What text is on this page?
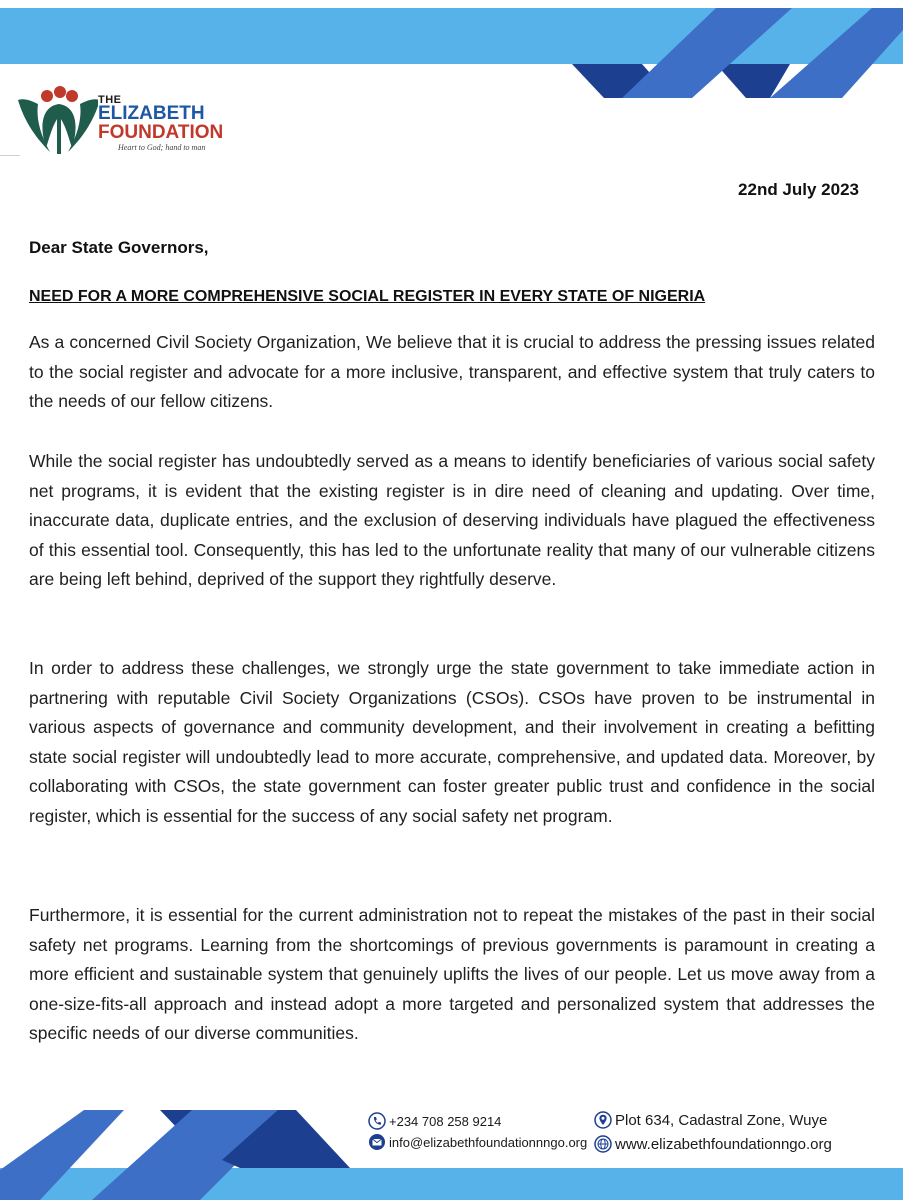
THE
ELIZABETH
FOUNDATION
Heart to God; hand to man
22nd July 2023
Dear State Governors,
NEED FOR A MORE COMPREHENSIVE SOCIAL REGISTER IN EVERY STATE OF NIGERIA

As a concerned Civil Society Organization, We believe that it is crucial to address the pressing issues related to the social register and advocate for a more inclusive, transparent, and effective system that truly caters to the needs of our fellow citizens.

While the social register has undoubtedly served as a means to identify beneficiaries of various social safety net programs, it is evident that the existing register is in dire need of cleaning and updating. Over time, inaccurate data, duplicate entries, and the exclusion of deserving individuals have plagued the effectiveness of this essential tool. Consequently, this has led to the unfortunate reality that many of our vulnerable citizens are being left behind, deprived of the support they rightfully deserve.

In order to address these challenges, we strongly urge the state government to take immediate action in partnering with reputable Civil Society Organizations (CSOs). CSOs have proven to be instrumental in various aspects of governance and community development, and their involvement in creating a befitting state social register will undoubtedly lead to more accurate, comprehensive, and updated data. Moreover, by collaborating with CSOs, the state government can foster greater public trust and confidence in the social register, which is essential for the success of any social safety net program.

Furthermore, it is essential for the current administration not to repeat the mistakes of the past in their social safety net programs. Learning from the shortcomings of previous governments is paramount in creating a more efficient and sustainable system that genuinely uplifts the lives of our people. Let us move away from a one-size-fits-all approach and instead adopt a more targeted and personalized system that addresses the specific needs of our diverse communities.

+234 708 258 9214
info@elizabethfoundationnngo.org
Plot 634, Cadastral Zone, Wuye
www.elizabethfoundationngo.org
